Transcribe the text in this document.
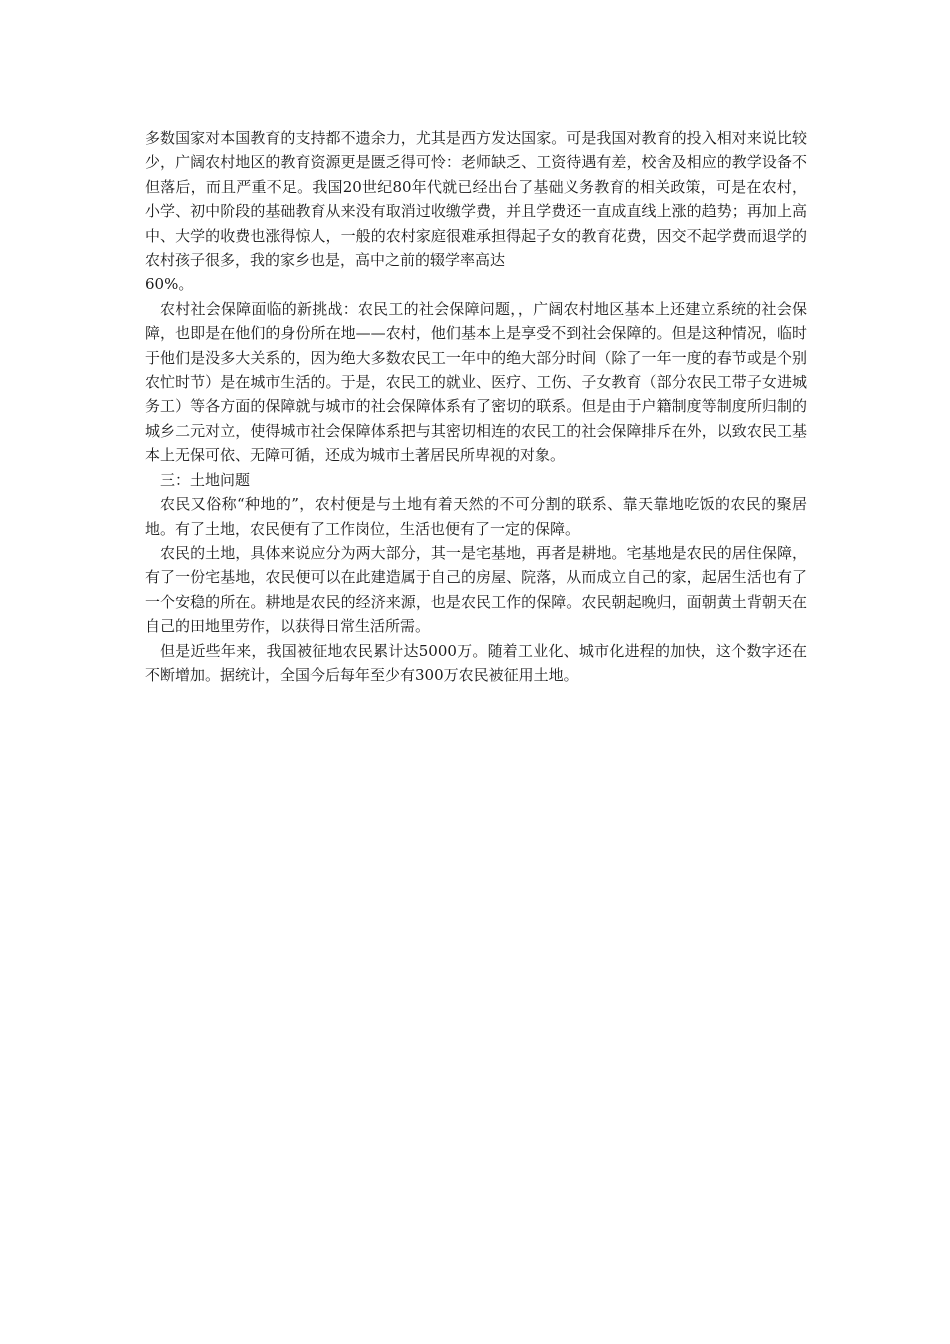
多数国家对本国教育的支持都不遗余力，尤其是西方发达国家。可是我国对教育的投入相对来说比较少，广阔农村地区的教育资源更是匮乏得可怜：老师缺乏、工资待遇有差，校舍及相应的教学设备不但落后，而且严重不足。我国20世纪80年代就已经出台了基础义务教育的相关政策，可是在农村，小学、初中阶段的基础教育从来没有取消过收缴学费，并且学费还一直成直线上涨的趋势；再加上高中、大学的收费也涨得惊人，一般的农村家庭很难承担得起子女的教育花费，因交不起学费而退学的农村孩子很多，我的家乡也是，高中之前的辍学率高达
60%。

农村社会保障面临的新挑战：农民工的社会保障问题，，广阔农村地区基本上还建立系统的社会保障，也即是在他们的身份所在地——农村，他们基本上是享受不到社会保障的。但是这种情况，临时于他们是没多大关系的，因为绝大多数农民工一年中的绝大部分时间（除了一年一度的春节或是个别农忙时节）是在城市生活的。于是，农民工的就业、医疗、工伤、子女教育（部分农民工带子女进城务工）等各方面的保障就与城市的社会保障体系有了密切的联系。但是由于户籍制度等制度所归制的城乡二元对立，使得城市社会保障体系把与其密切相连的农民工的社会保障排斥在外，以致农民工基本上无保可依、无障可循，还成为城市土著居民所卑视的对象。

三：土地问题

农民又俗称“种地的”，农村便是与土地有着天然的不可分割的联系、靠天靠地吃饭的农民的聚居地。有了土地，农民便有了工作岗位，生活也便有了一定的保障。

农民的土地，具体来说应分为两大部分，其一是宅基地，再者是耕地。宅基地是农民的居住保障，有了一份宅基地，农民便可以在此建造属于自己的房屋、院落，从而成立自己的家，起居生活也有了一个安稳的所在。耕地是农民的经济来源，也是农民工作的保障。农民朝起晚归，面朝黄土背朝天在自己的田地里劳作，以获得日常生活所需。

但是近些年来，我国被征地农民累计达5000万。随着工业化、城市化进程的加快，这个数字还在不断增加。据统计，全国今后每年至少有300万农民被征用土地。
